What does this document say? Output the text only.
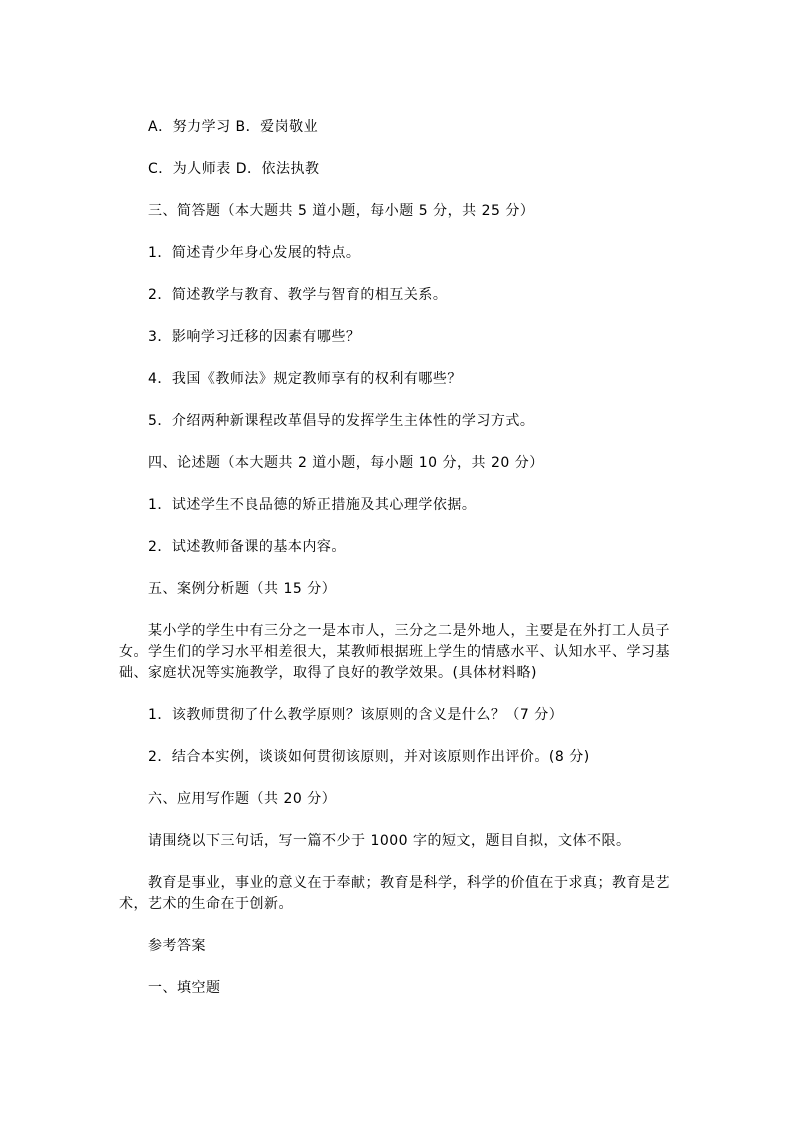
A．努力学习 B．爱岗敬业

C．为人师表 D．依法执教

三、简答题（本大题共 5 道小题，每小题 5 分，共 25 分）

1．简述青少年身心发展的特点。

2．简述教学与教育、教学与智育的相互关系。

3．影响学习迁移的因素有哪些？

4．我国《教师法》规定教师享有的权利有哪些？

5．介绍两种新课程改革倡导的发挥学生主体性的学习方式。

四、论述题（本大题共 2 道小题，每小题 10 分，共 20 分）

1．试述学生不良品德的矫正措施及其心理学依据。

2．试述教师备课的基本内容。

五、案例分析题（共 15 分）

某小学的学生中有三分之一是本市人，三分之二是外地人，主要是在外打工人员子女。学生们的学习水平相差很大，某教师根据班上学生的情感水平、认知水平、学习基础、家庭状况等实施教学，取得了良好的教学效果。(具体材料略)

1．该教师贯彻了什么教学原则？该原则的含义是什么？（7 分）

2．结合本实例，谈谈如何贯彻该原则，并对该原则作出评价。(8 分)

六、应用写作题（共 20 分）

请围绕以下三句话，写一篇不少于 1000 字的短文，题目自拟，文体不限。

教育是事业，事业的意义在于奉献；教育是科学，科学的价值在于求真；教育是艺术，艺术的生命在于创新。

参考答案

一、填空题
